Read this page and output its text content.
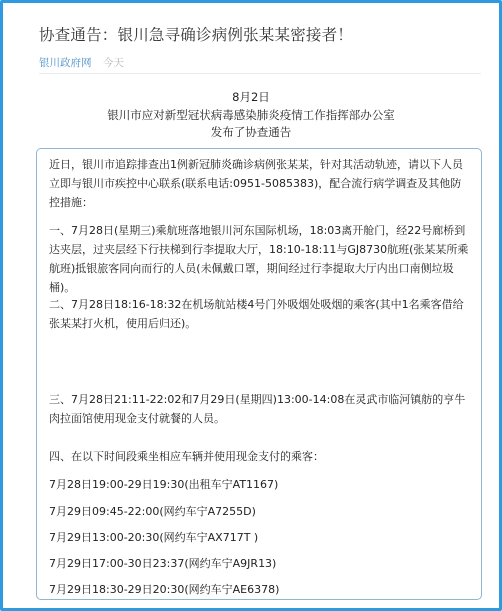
协查通告：银川急寻确诊病例张某某密接者！
银川政府网 今天
8月2日
银川市应对新型冠状病毒感染肺炎疫情工作指挥部办公室
发布了协查通告

近日，银川市追踪排查出1例新冠肺炎确诊病例张某某，针对其活动轨迹，请以下人员立即与银川市疾控中心联系(联系电话:0951-5085383)，配合流行病学调查及其他防控措施：

一、7月28日(星期三)乘航班落地银川河东国际机场，18:03离开舱门，经22号廊桥到达夹层，过夹层经下行扶梯到行李提取大厅，18:10-18:11与GJ8730航班(张某某所乘航班)抵银旅客同向而行的人员(未佩戴口罩，期间经过行李提取大厅内出口南侧垃圾桶)。

二、7月28日18:16-18:32在机场航站楼4号门外吸烟处吸烟的乘客(其中1名乘客借给张某某打火机，使用后归还)。

三、7月28日21:11-22:02和7月29日(星期四)13:00-14:08在灵武市临河镇舫的亨牛肉拉面馆使用现金支付就餐的人员。

四、在以下时间段乘坐相应车辆并使用现金支付的乘客：

7月28日19:00-29日19:30(出租车宁AT1167)
7月29日09:45-22:00(网约车宁A7255D)
7月29日13:00-20:30(网约车宁AX717T )
7月29日17:00-30日23:37(网约车宁A9JR13)
7月29日18:30-29日20:30(网约车宁AE6378)
